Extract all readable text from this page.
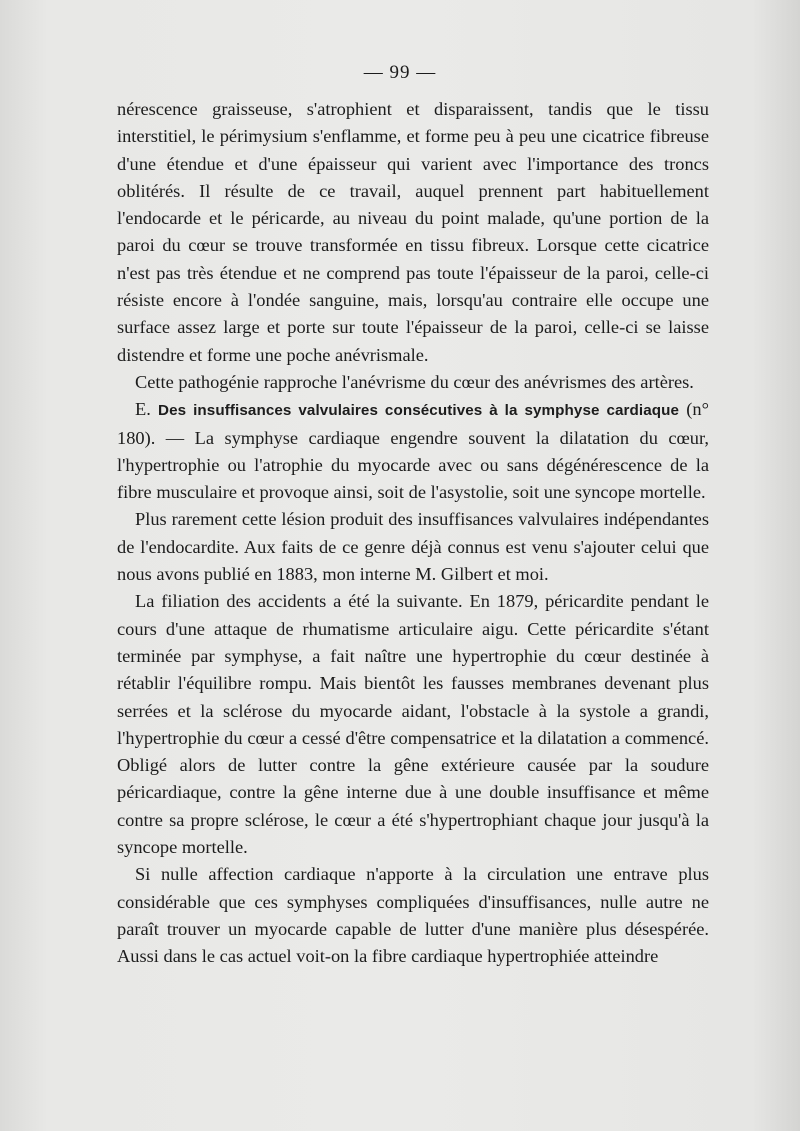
— 99 —

nérescence graisseuse, s'atrophient et disparaissent, tandis que le tissu interstitiel, le périmysium s'enflamme, et forme peu à peu une cicatrice fibreuse d'une étendue et d'une épaisseur qui varient avec l'importance des troncs oblitérés. Il résulte de ce travail, auquel prennent part habituellement l'endocarde et le péricarde, au niveau du point malade, qu'une portion de la paroi du cœur se trouve transformée en tissu fibreux. Lorsque cette cicatrice n'est pas très étendue et ne comprend pas toute l'épaisseur de la paroi, celle-ci résiste encore à l'ondée sanguine, mais, lorsqu'au contraire elle occupe une surface assez large et porte sur toute l'épaisseur de la paroi, celle-ci se laisse distendre et forme une poche anévrismale.

Cette pathogénie rapproche l'anévrisme du cœur des anévrismes des artères.

E. Des insuffisances valvulaires consécutives à la symphyse cardiaque (n° 180). — La symphyse cardiaque engendre souvent la dilatation du cœur, l'hypertrophie ou l'atrophie du myocarde avec ou sans dégénérescence de la fibre musculaire et provoque ainsi, soit de l'asystolie, soit une syncope mortelle.

Plus rarement cette lésion produit des insuffisances valvulaires indépendantes de l'endocardite. Aux faits de ce genre déjà connus est venu s'ajouter celui que nous avons publié en 1883, mon interne M. Gilbert et moi.

La filiation des accidents a été la suivante. En 1879, péricardite pendant le cours d'une attaque de rhumatisme articulaire aigu. Cette péricardite s'étant terminée par symphyse, a fait naître une hypertrophie du cœur destinée à rétablir l'équilibre rompu. Mais bientôt les fausses membranes devenant plus serrées et la sclérose du myocarde aidant, l'obstacle à la systole a grandi, l'hypertrophie du cœur a cessé d'être compensatrice et la dilatation a commencé. Obligé alors de lutter contre la gêne extérieure causée par la soudure péricardiaque, contre la gêne interne due à une double insuffisance et même contre sa propre sclérose, le cœur a été s'hypertrophiant chaque jour jusqu'à la syncope mortelle.

Si nulle affection cardiaque n'apporte à la circulation une entrave plus considérable que ces symphyses compliquées d'insuffisances, nulle autre ne paraît trouver un myocarde capable de lutter d'une manière plus désespérée. Aussi dans le cas actuel voit-on la fibre cardiaque hypertrophiée atteindre
